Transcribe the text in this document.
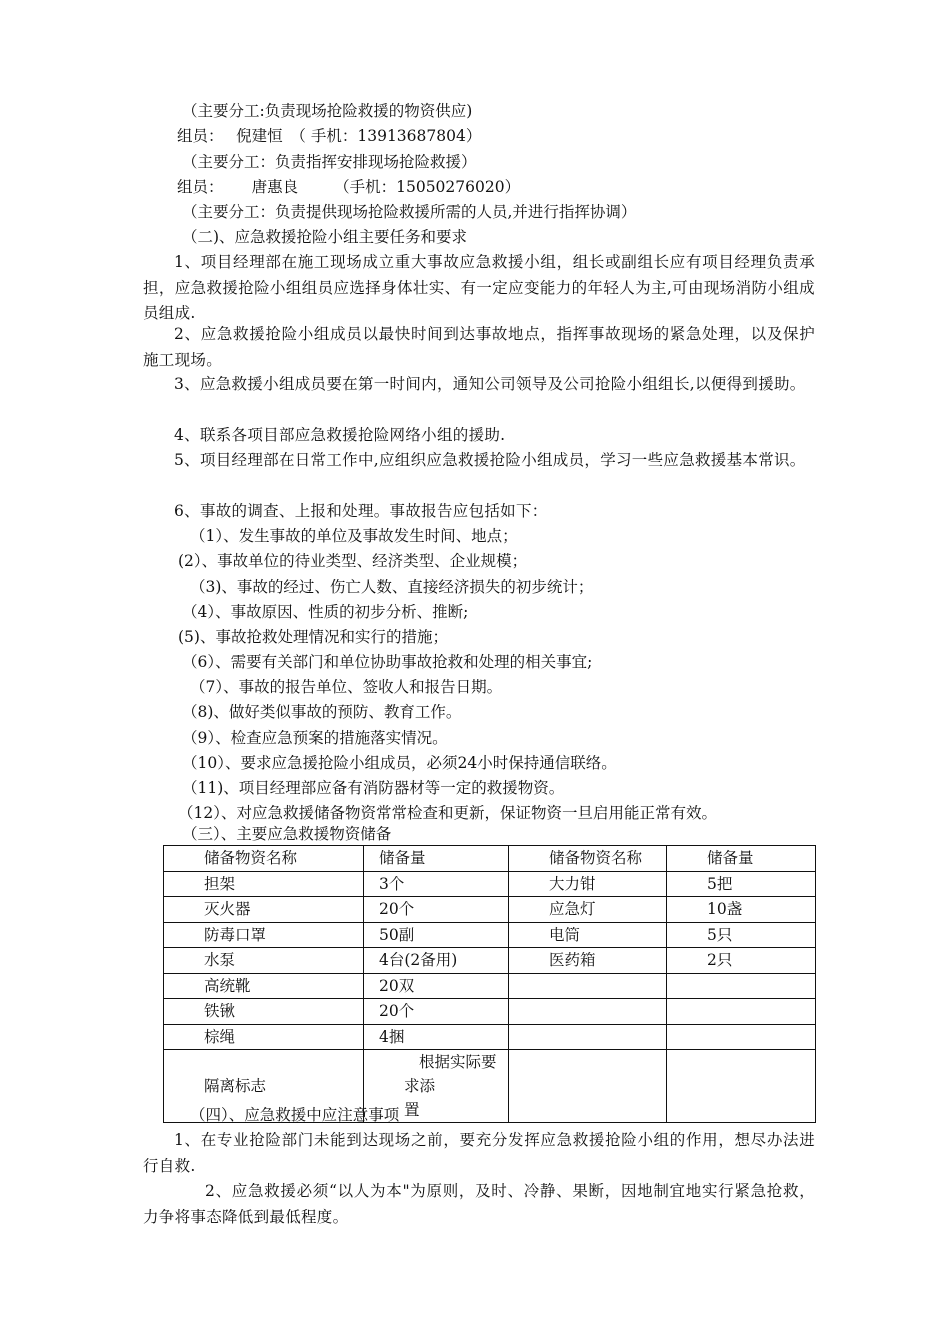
（主要分工:负责现场抢险救援的物资供应)
组员：　 倪建恒　（ 手机：13913687804）
（主要分工：负责指挥安排现场抢险救援）
组员：　　 唐惠良　　 （手机：15050276020）
（主要分工：负责提供现场抢险救援所需的人员,并进行指挥协调）
（二)、应急救援抢险小组主要任务和要求
1、项目经理部在施工现场成立重大事故应急救援小组，组长或副组长应有项目经理负责承担，应急救援抢险小组组员应选择身体壮实、有一定应变能力的年轻人为主,可由现场消防小组成员组成.
2、应急救援抢险小组成员以最快时间到达事故地点，指挥事故现场的紧急处理，以及保护施工现场。
3、应急救援小组成员要在第一时间内，通知公司领导及公司抢险小组组长,以便得到援助。
4、联系各项目部应急救援抢险网络小组的援助.
5、项目经理部在日常工作中,应组织应急救援抢险小组成员，学习一些应急救援基本常识。
6、事故的调查、上报和处理。事故报告应包括如下：
（1）、发生事故的单位及事故发生时间、地点；
(2）、事故单位的待业类型、经济类型、企业规模；
（3)、事故的经过、伤亡人数、直接经济损失的初步统计；
（4）、事故原因、性质的初步分析、推断;
(5)、事故抢救处理情况和实行的措施；
（6）、需要有关部门和单位协助事故抢救和处理的相关事宜;
（7）、事故的报告单位、签收人和报告日期。
（8)、做好类似事故的预防、教育工作。
（9）、检查应急预案的措施落实情况。
（10）、要求应急援抢险小组成员，必须24小时保持通信联络。
（11)、项目经理部应备有消防器材等一定的救援物资。
（12）、对应急救援储备物资常常检查和更新，保证物资一旦启用能正常有效。
（三）、主要应急救援物资储备
储备物资名称	储备量	储备物资名称	储备量
担架	3个	大力钳	5把
灭火器	20个	应急灯	10盏
防毒口罩	50副	电筒	5只
水泵	4台(2备用)	医药箱	2只
高统靴	20双		
铁锹	20个		
棕绳	4捆		
隔离标志	根据实际要求添
置		

（四）、应急救援中应注意事项
1、在专业抢险部门未能到达现场之前，要充分发挥应急救援抢险小组的作用，想尽办法进行自救.
2、应急救援必须“以人为本"为原则，及时、冷静、果断，因地制宜地实行紧急抢救，力争将事态降低到最低程度。
